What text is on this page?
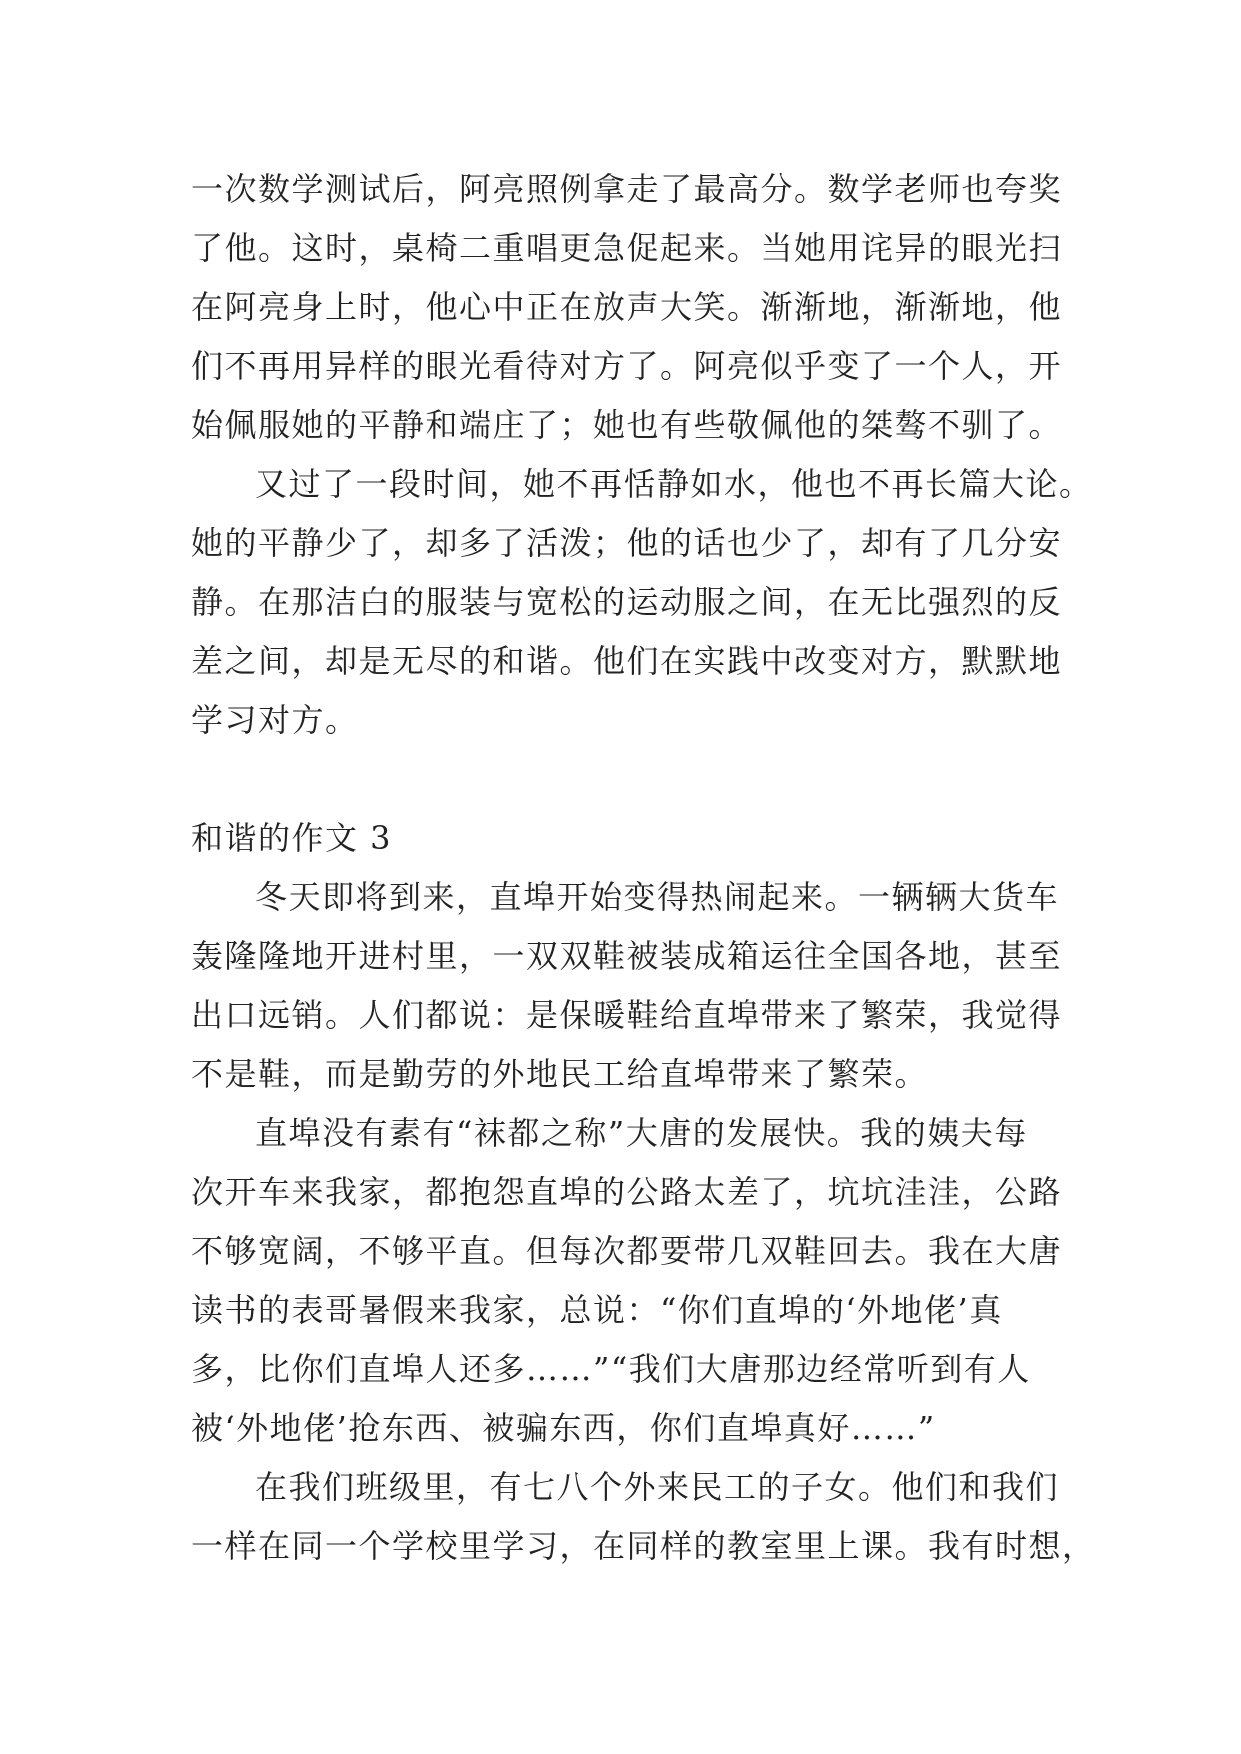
一次数学测试后，阿亮照例拿走了最高分。数学老师也夸奖
了他。这时，桌椅二重唱更急促起来。当她用诧异的眼光扫
在阿亮身上时，他心中正在放声大笑。渐渐地，渐渐地，他
们不再用异样的眼光看待对方了。阿亮似乎变了一个人，开
始佩服她的平静和端庄了；她也有些敬佩他的桀骜不驯了。
又过了一段时间，她不再恬静如水，他也不再长篇大论。
她的平静少了，却多了活泼；他的话也少了，却有了几分安
静。在那洁白的服装与宽松的运动服之间，在无比强烈的反
差之间，却是无尽的和谐。他们在实践中改变对方，默默地
学习对方。
和谐的作文 3
冬天即将到来，直埠开始变得热闹起来。一辆辆大货车
轰隆隆地开进村里，一双双鞋被装成箱运往全国各地，甚至
出口远销。人们都说：是保暖鞋给直埠带来了繁荣，我觉得
不是鞋，而是勤劳的外地民工给直埠带来了繁荣。
直埠没有素有“袜都之称”大唐的发展快。我的姨夫每
次开车来我家，都抱怨直埠的公路太差了，坑坑洼洼，公路
不够宽阔，不够平直。但每次都要带几双鞋回去。我在大唐
读书的表哥暑假来我家，总说：“你们直埠的‘外地佬’真
多，比你们直埠人还多……”“我们大唐那边经常听到有人
被‘外地佬’抢东西、被骗东西，你们直埠真好……”
在我们班级里，有七八个外来民工的子女。他们和我们
一样在同一个学校里学习，在同样的教室里上课。我有时想，
